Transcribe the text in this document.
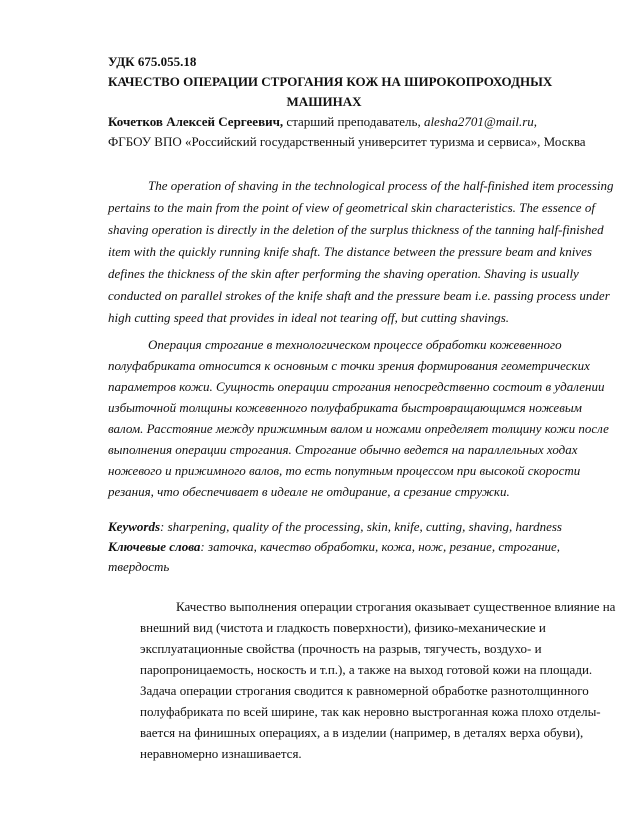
УДК 675.055.18
КАЧЕСТВО ОПЕРАЦИИ СТРОГАНИЯ КОЖ НА ШИРОКОПРОХОДНЫХ
МАШИНАХ
Кочетков Алексей Сергеевич, старший преподаватель, alesha2701@mail.ru,
ФГБОУ ВПО «Российский государственный университет туризма и сервиса», Москва
The operation of shaving in the technological process of the half-finished item processing
pertains to the main from the point of view of geometrical skin characteristics. The essence of
shaving operation is directly in the deletion of the surplus thickness of the tanning half-finished
item with the quickly running knife shaft. The distance between the pressure beam and knives
defines the thickness of the skin after performing the shaving operation. Shaving is usually
conducted on parallel strokes of the knife shaft and the pressure beam i.e. passing process under
high cutting speed that provides in ideal not tearing off, but cutting shavings.
Операция строгание в технологическом процессе обработки кожевенного
полуфабриката относится к основным с точки зрения формирования геометрических
параметров кожи. Сущность операции строгания непосредственно состоит в удалении
избыточной толщины кожевенного полуфабриката быстровращающимся ножевым
валом. Расстояние между прижимным валом и ножами определяет толщину кожи после
выполнения операции строгания. Строгание обычно ведется на параллельных ходах
ножевого и прижимного валов, то есть попутным процессом при высокой скорости
резания, что обеспечивает в идеале не отдирание, а срезание стружки.
Keywords: sharpening, quality of the processing, skin, knife, cutting, shaving, hardness
Ключевые слова: заточка, качество обработки, кожа, нож, резание, строгание,
твердость
Качество выполнения операции строгания оказывает существенное влияние на
внешний вид (чистота и гладкость поверхности), физико-механические и
эксплуатационные свойства (прочность на разрыв, тягучесть, воздухо- и
паропроницаемость, носкость и т.п.), а также на выход готовой кожи на площади.
Задача операции строгания сводится к равномерной обработке разнотолщинного
полуфабриката по всей ширине, так как неровно выстроганная кожа плохо отделы-
вается на финишных операциях, а в изделии (например, в деталях верха обуви),
неравномерно изнашивается.
